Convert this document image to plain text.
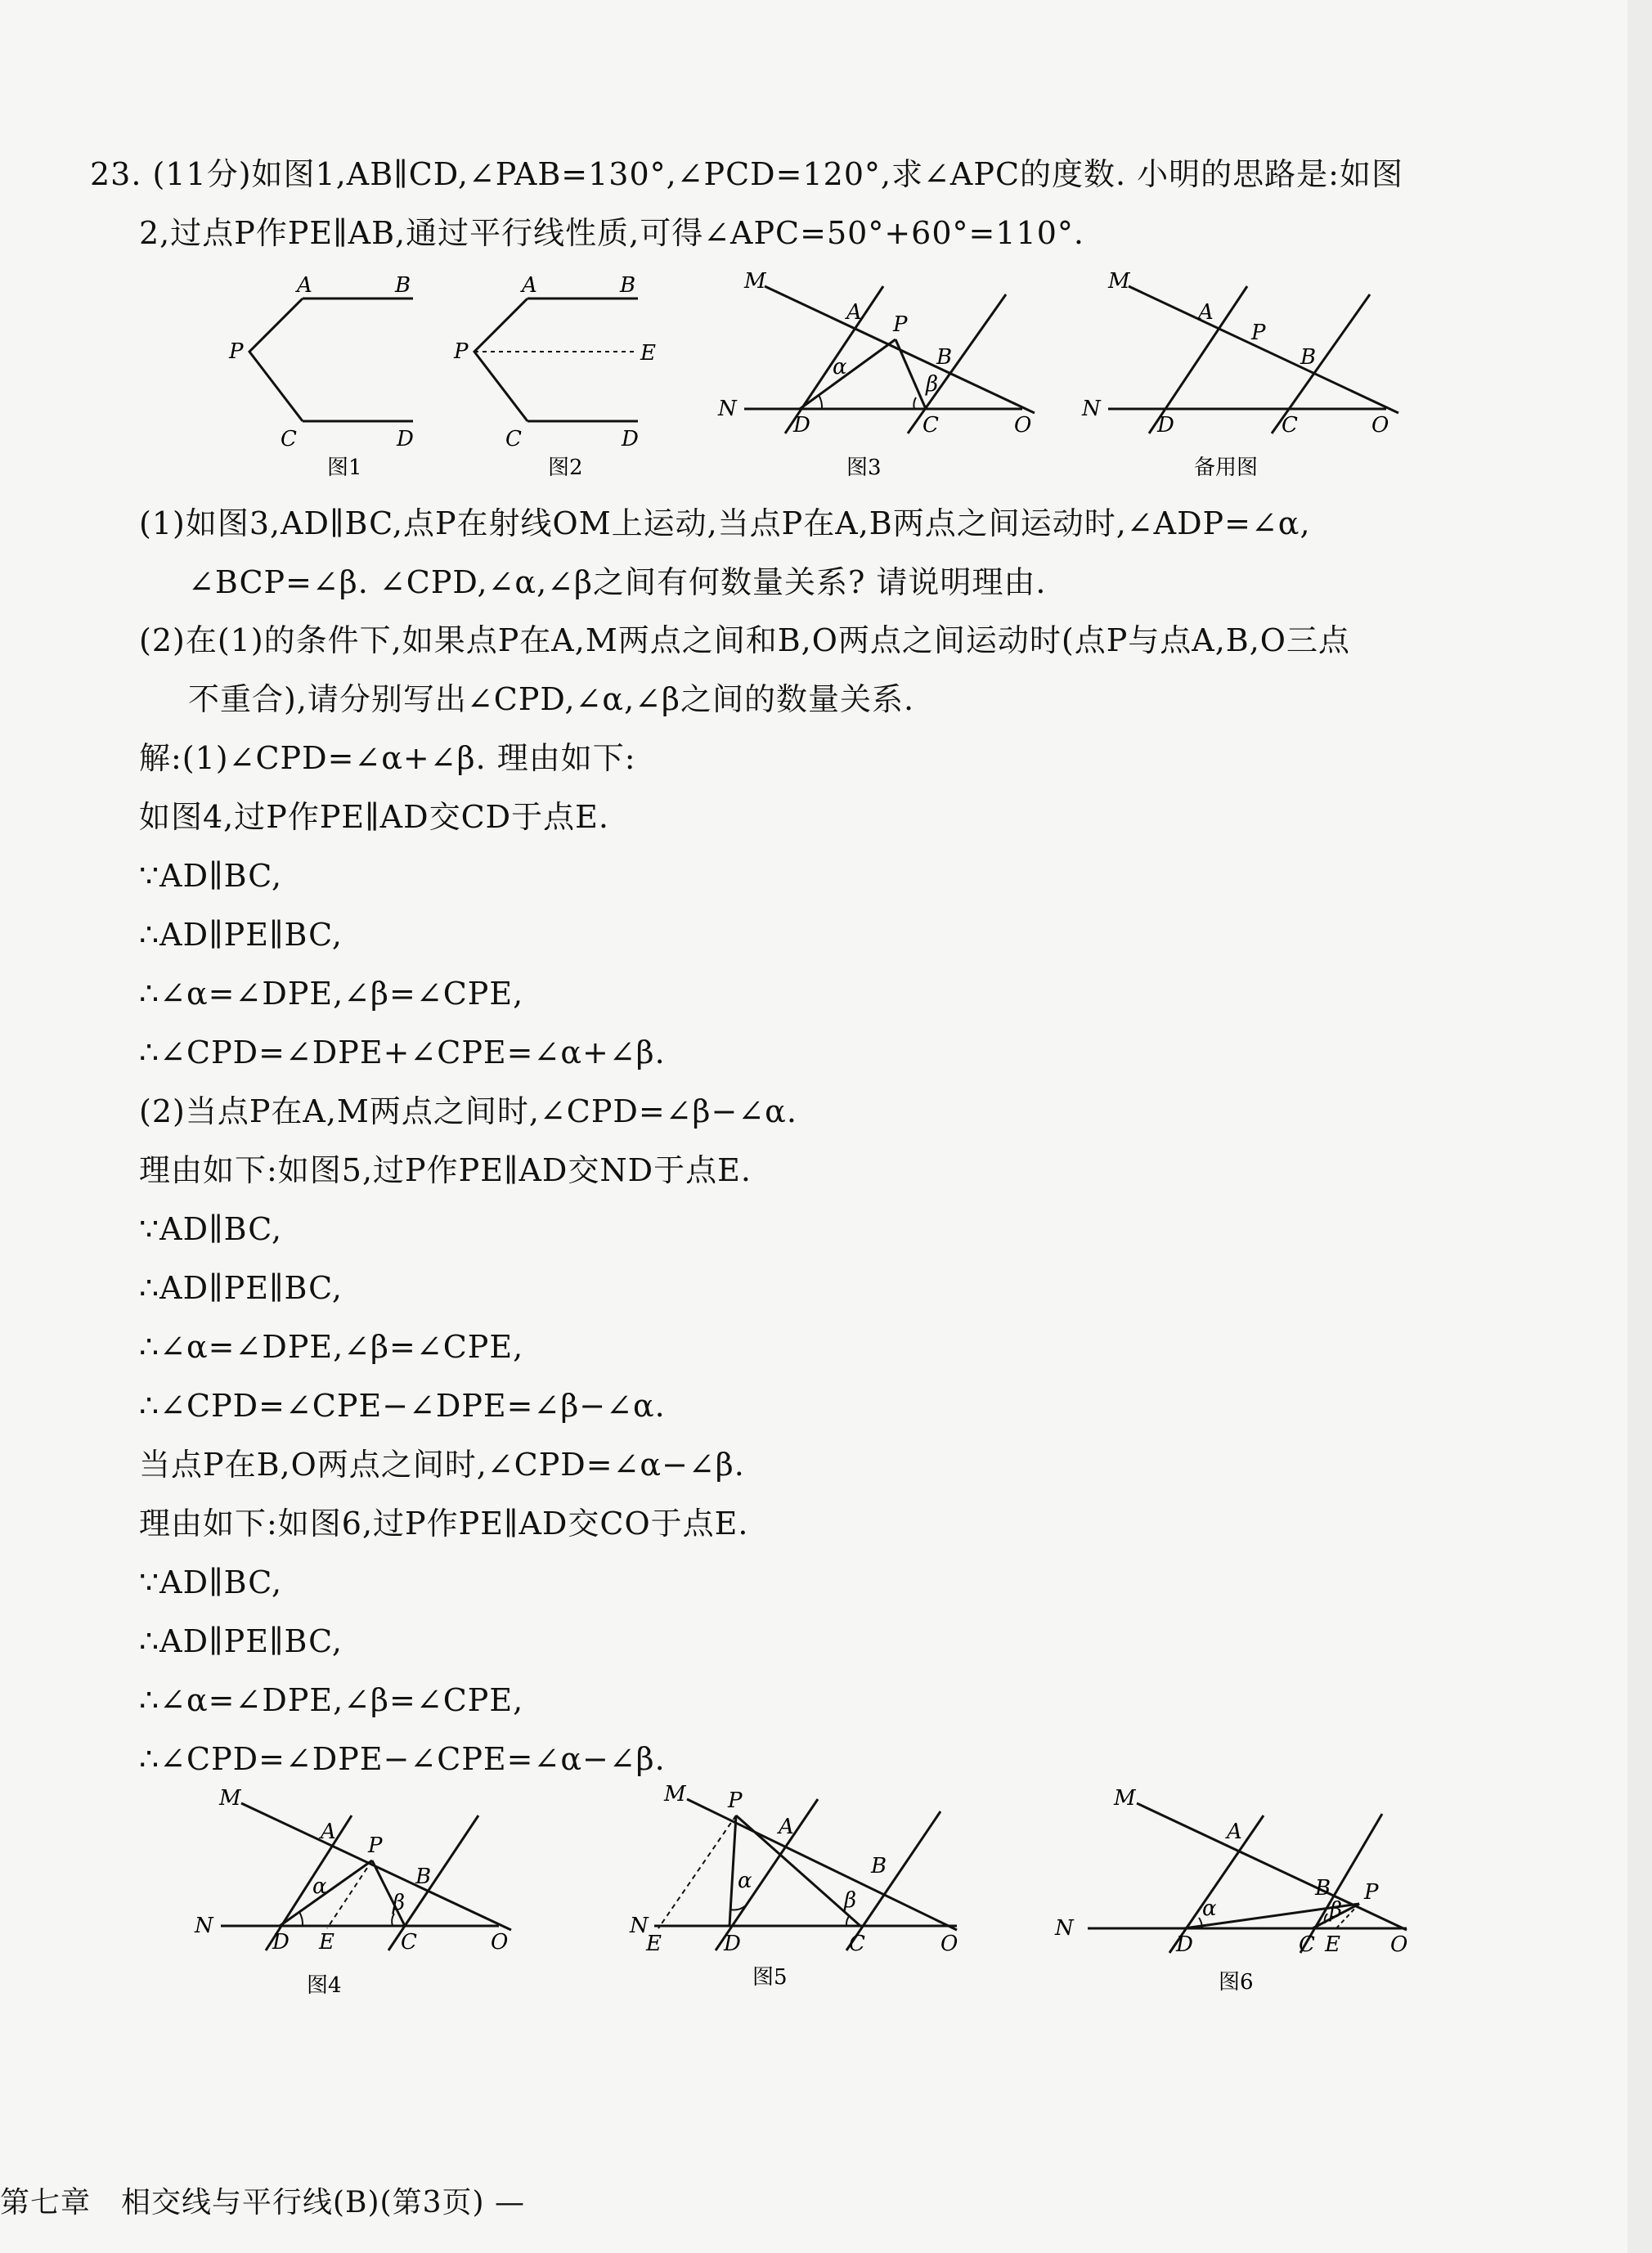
23. (11分)如图1,AB∥CD,∠PAB=130°,∠PCD=120°,求∠APC的度数. 小明的思路是:如图
2,过点P作PE∥AB,通过平行线性质,可得∠APC=50°+60°=110°.
A	B
P
C	D
图1
A	B
P	E
C	D
图2
M
A P
B
N
D	C	O
α
β
图3
M
A
P
B
N
D	C	O
备用图
(1)如图3,AD∥BC,点P在射线OM上运动,当点P在A,B两点之间运动时,∠ADP=∠α,
∠BCP=∠β. ∠CPD,∠α,∠β之间有何数量关系? 请说明理由.
(2)在(1)的条件下,如果点P在A,M两点之间和B,O两点之间运动时(点P与点A,B,O三点
不重合),请分别写出∠CPD,∠α,∠β之间的数量关系.
解:(1)∠CPD=∠α+∠β. 理由如下:
如图4,过P作PE∥AD交CD于点E.
∵AD∥BC,
∴AD∥PE∥BC,
∴∠α=∠DPE,∠β=∠CPE,
∴∠CPD=∠DPE+∠CPE=∠α+∠β.
(2)当点P在A,M两点之间时,∠CPD=∠β−∠α.
理由如下:如图5,过P作PE∥AD交ND于点E.
∵AD∥BC,
∴AD∥PE∥BC,
∴∠α=∠DPE,∠β=∠CPE,
∴∠CPD=∠CPE−∠DPE=∠β−∠α.
当点P在B,O两点之间时,∠CPD=∠α−∠β.
理由如下:如图6,过P作PE∥AD交CO于点E.
∵AD∥BC,
∴AD∥PE∥BC,
∴∠α=∠DPE,∠β=∠CPE,
∴∠CPD=∠DPE−∠CPE=∠α−∠β.
M
A
P
B
N
D E	C	O
α
β
图4
M P
A
B
N
E	D	C	O
α
β
图5
M
A
B P
N
D	C E O
α	β
图6
第七章　相交线与平行线(B)(第3页) —
